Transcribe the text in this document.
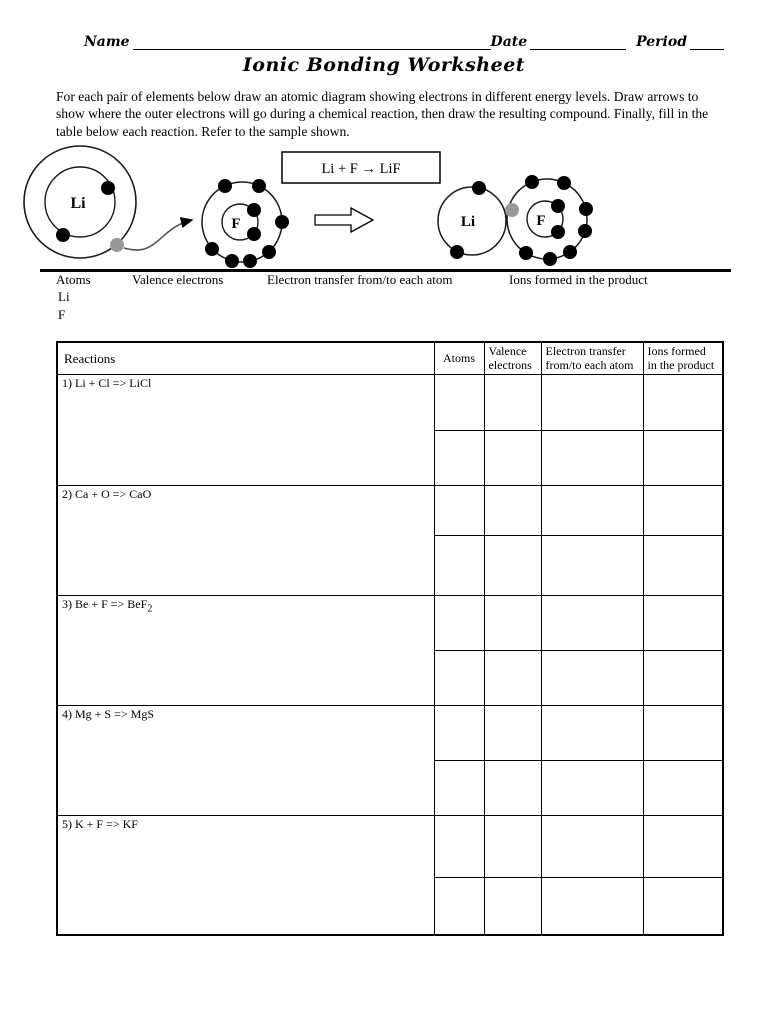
Name	Date	Period
Ionic Bonding Worksheet
For each pair of elements below draw an atomic diagram showing electrons in different energy levels. Draw arrows to show where the outer electrons will go during a chemical reaction, then draw the resulting compound. Finally, fill in the table below each reaction. Refer to the sample shown.
Li
F
Li + F → LiF
Li	F
Atoms	Valence electrons	Electron transfer from/to each atom	Ions formed in the product
Li
F
Reactions	Atoms	Valence electrons	Electron transfer from/to each atom	Ions formed in the product
1) Li + Cl => LiCl				

2) Ca + O => CaO				

3) Be + F => BeF$_2$				

4) Mg + S => MgS				

5) K + F => KF				
